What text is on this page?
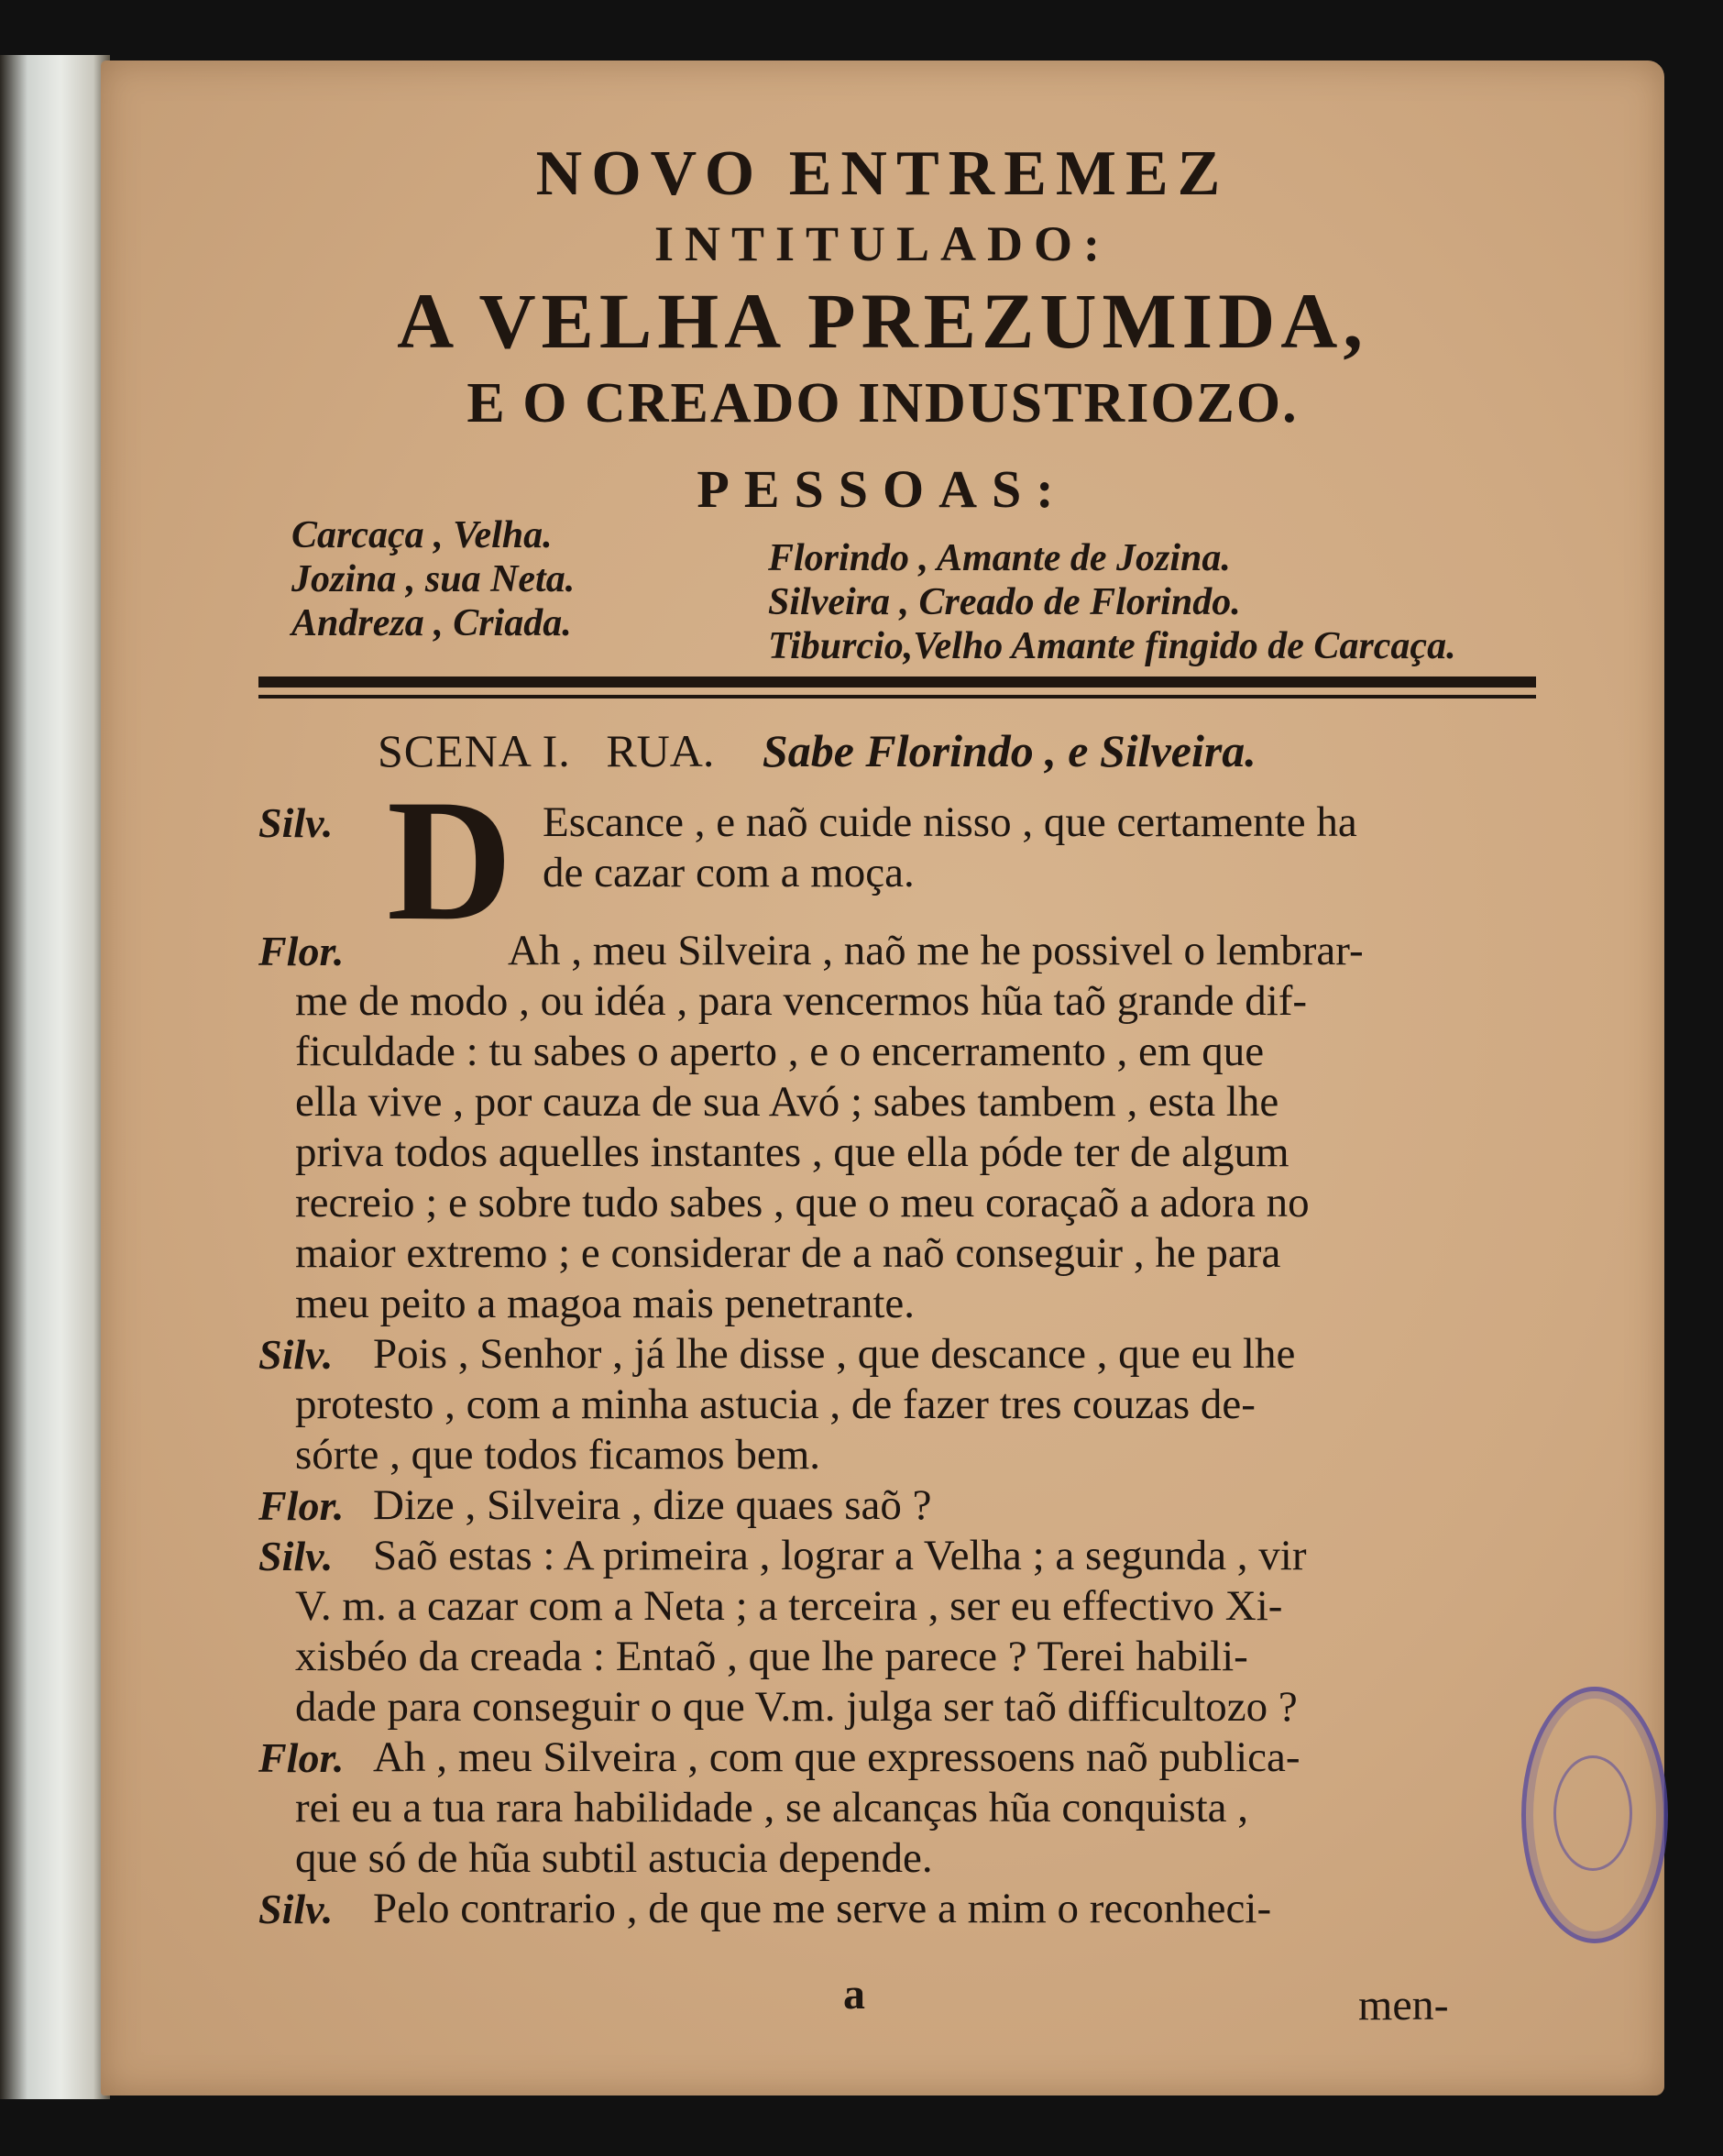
NOVO ENTREMEZ
INTITULADO:
A VELHA PREZUMIDA,
E O CREADO INDUSTRIOZO.
PESSOAS:
Carcaça , Velha.
Jozina , sua Neta.
Andreza , Criada.
Florindo , Amante de Jozina.
Silveira , Creado de Florindo.
Tiburcio,Velho Amante fingido de Carcaça.
SCENA I. RUA. Sabe Florindo , e Silveira.
Silv. D Escance , e naõ cuide nisso , que certamente ha
de cazar com a moça.
Flor.	Ah , meu Silveira , naõ me he possivel o lembrar-
me de modo , ou idéa , para vencermos hũa taõ grande dif-
ficuldade : tu sabes o aperto , e o encerramento , em que
ella vive , por cauza de sua Avó ; sabes tambem , esta lhe
priva todos aquelles instantes , que ella póde ter de algum
recreio ; e sobre tudo sabes , que o meu coraçaõ a adora no
maior extremo ; e considerar de a naõ conseguir , he para
meu peito a magoa mais penetrante.
Silv. Pois , Senhor , já lhe disse , que descance , que eu lhe
protesto , com a minha astucia , de fazer tres couzas de-
sórte , que todos ficamos bem.
Flor. Dize , Silveira , dize quaes saõ ?
Silv. Saõ estas : A primeira , lograr a Velha ; a segunda , vir
V. m. a cazar com a Neta ; a terceira , ser eu effectivo Xi-
xisbéo da creada : Entaõ , que lhe parece ? Terei habili-
dade para conseguir o que V.m. julga ser taõ difficultozo ?
Flor. Ah , meu Silveira , com que expressoens naõ publica-
rei eu a tua rara habilidade , se alcanças hũa conquista ,
que só de hũa subtil astucia depende.
Silv. Pelo contrario , de que me serve a mim o reconheci-
a	men-
